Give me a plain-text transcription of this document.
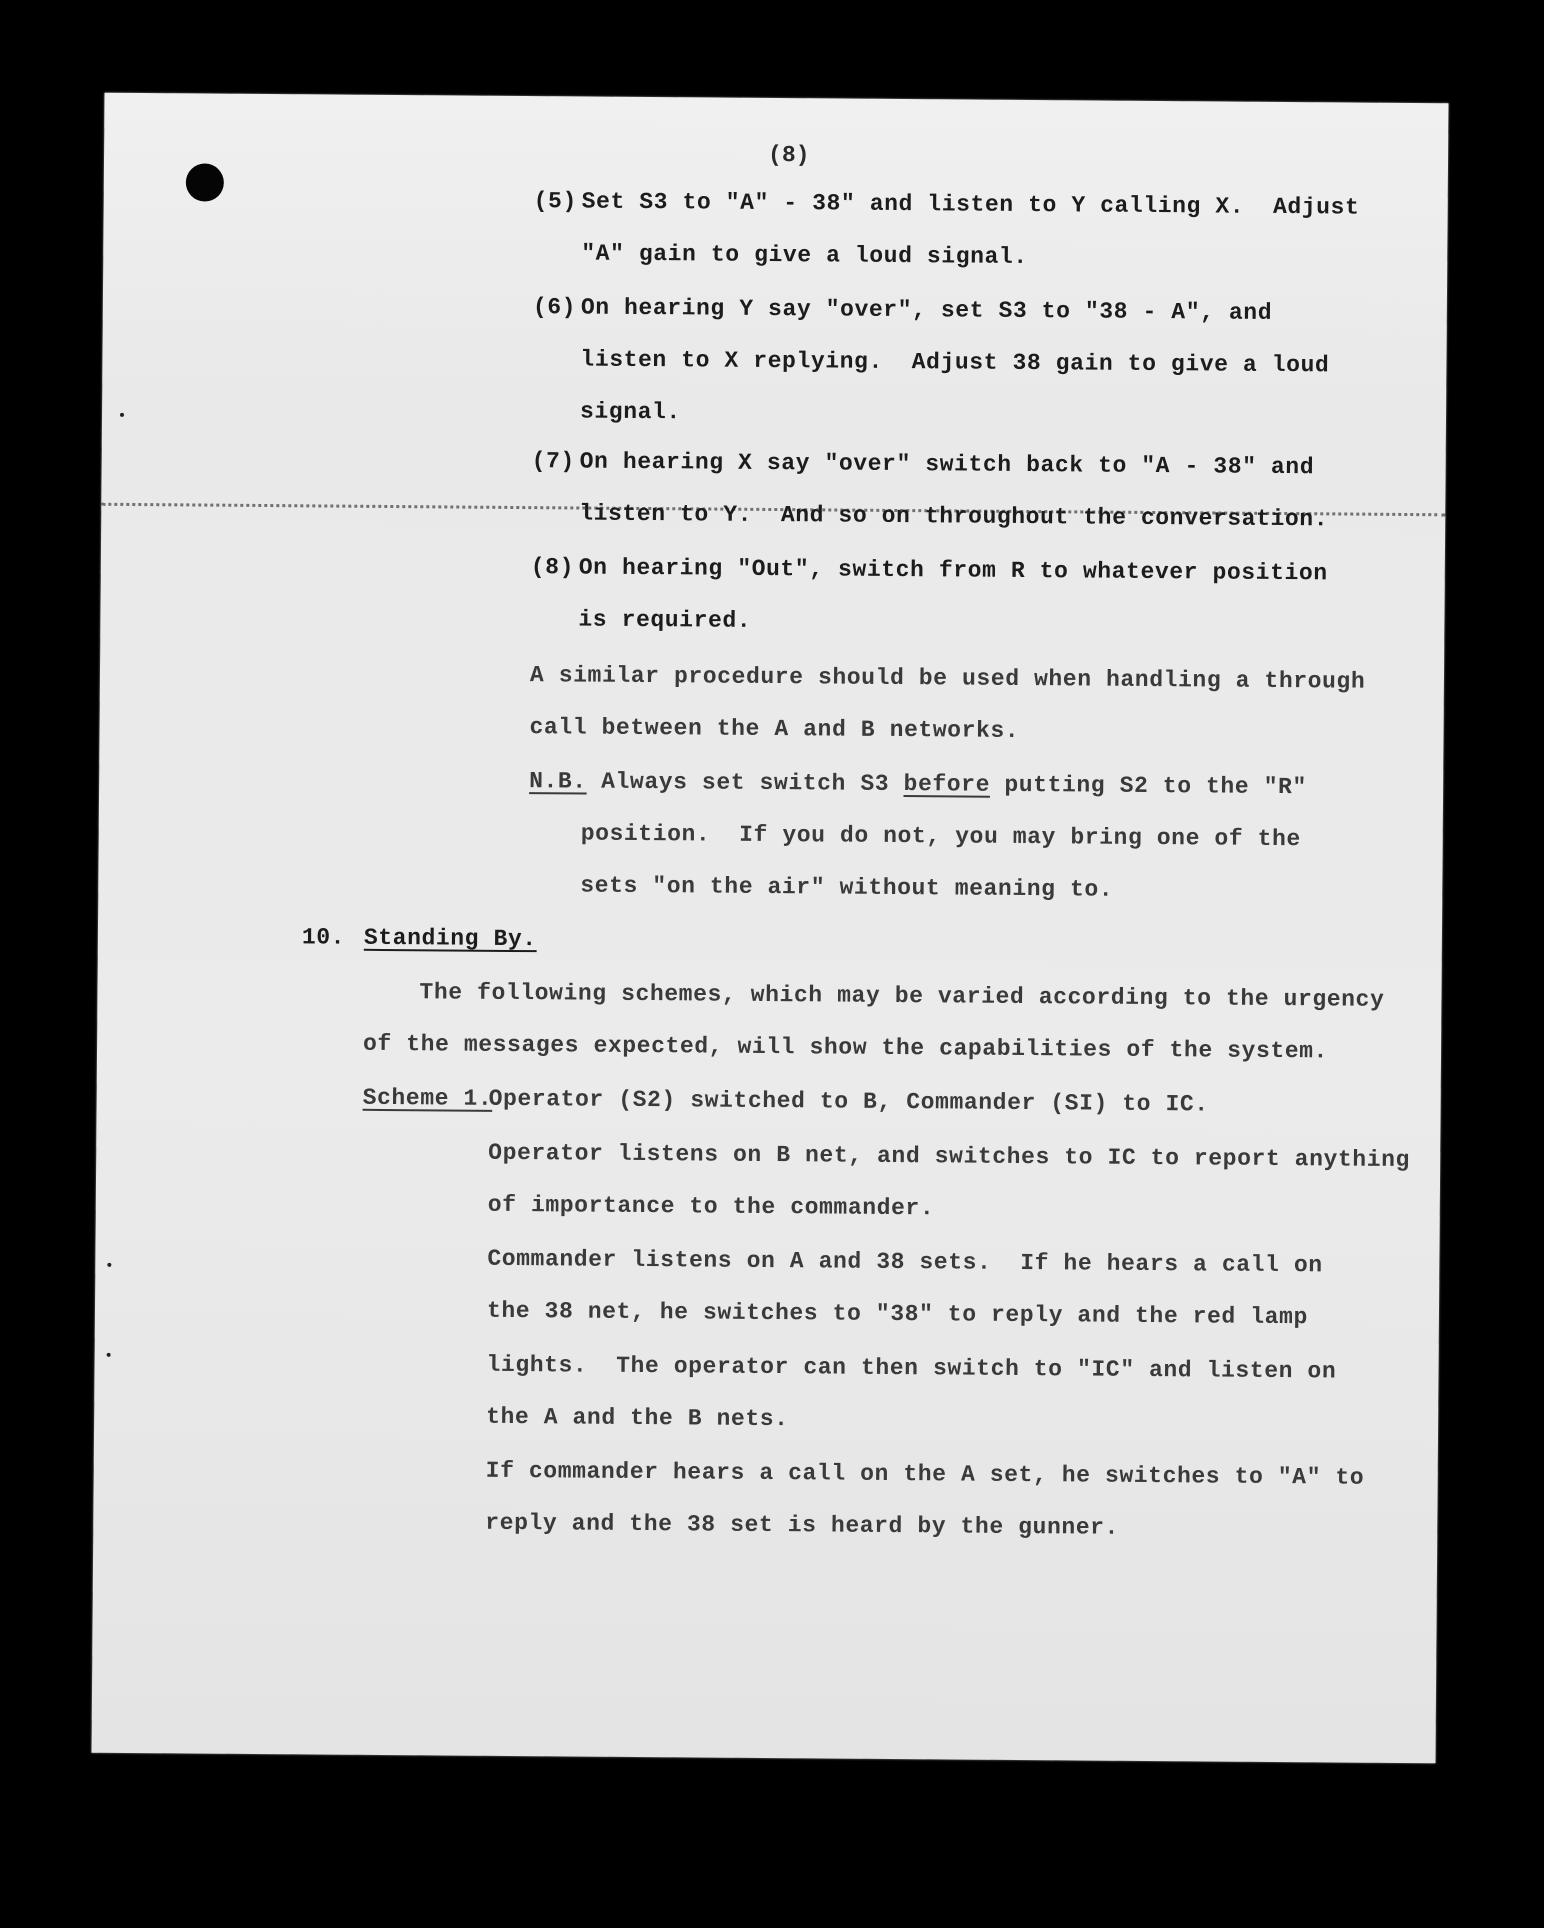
(8)
(5) Set S3 to "A" - 38" and listen to Y calling X.  Adjust
"A" gain to give a loud signal.
(6) On hearing Y say "over", set S3 to "38 - A", and
listen to X replying.  Adjust 38 gain to give a loud
signal.
(7) On hearing X say "over" switch back to "A - 38" and
listen to Y.  And so on throughout the conversation.
(8) On hearing "Out", switch from R to whatever position
is required.
A similar procedure should be used when handling a through
call between the A and B networks.
N.B. Always set switch S3 before putting S2 to the "R"
position.  If you do not, you may bring one of the
sets "on the air" without meaning to.
10. Standing By.
The following schemes, which may be varied according to the urgency
of the messages expected, will show the capabilities of the system.
Scheme 1.
Operator (S2) switched to B, Commander (SI) to IC.
Operator listens on B net, and switches to IC to report anything
of importance to the commander.
Commander listens on A and 38 sets.  If he hears a call on
the 38 net, he switches to "38" to reply and the red lamp
lights.  The operator can then switch to "IC" and listen on
the A and the B nets.
If commander hears a call on the A set, he switches to "A" to
reply and the 38 set is heard by the gunner.
